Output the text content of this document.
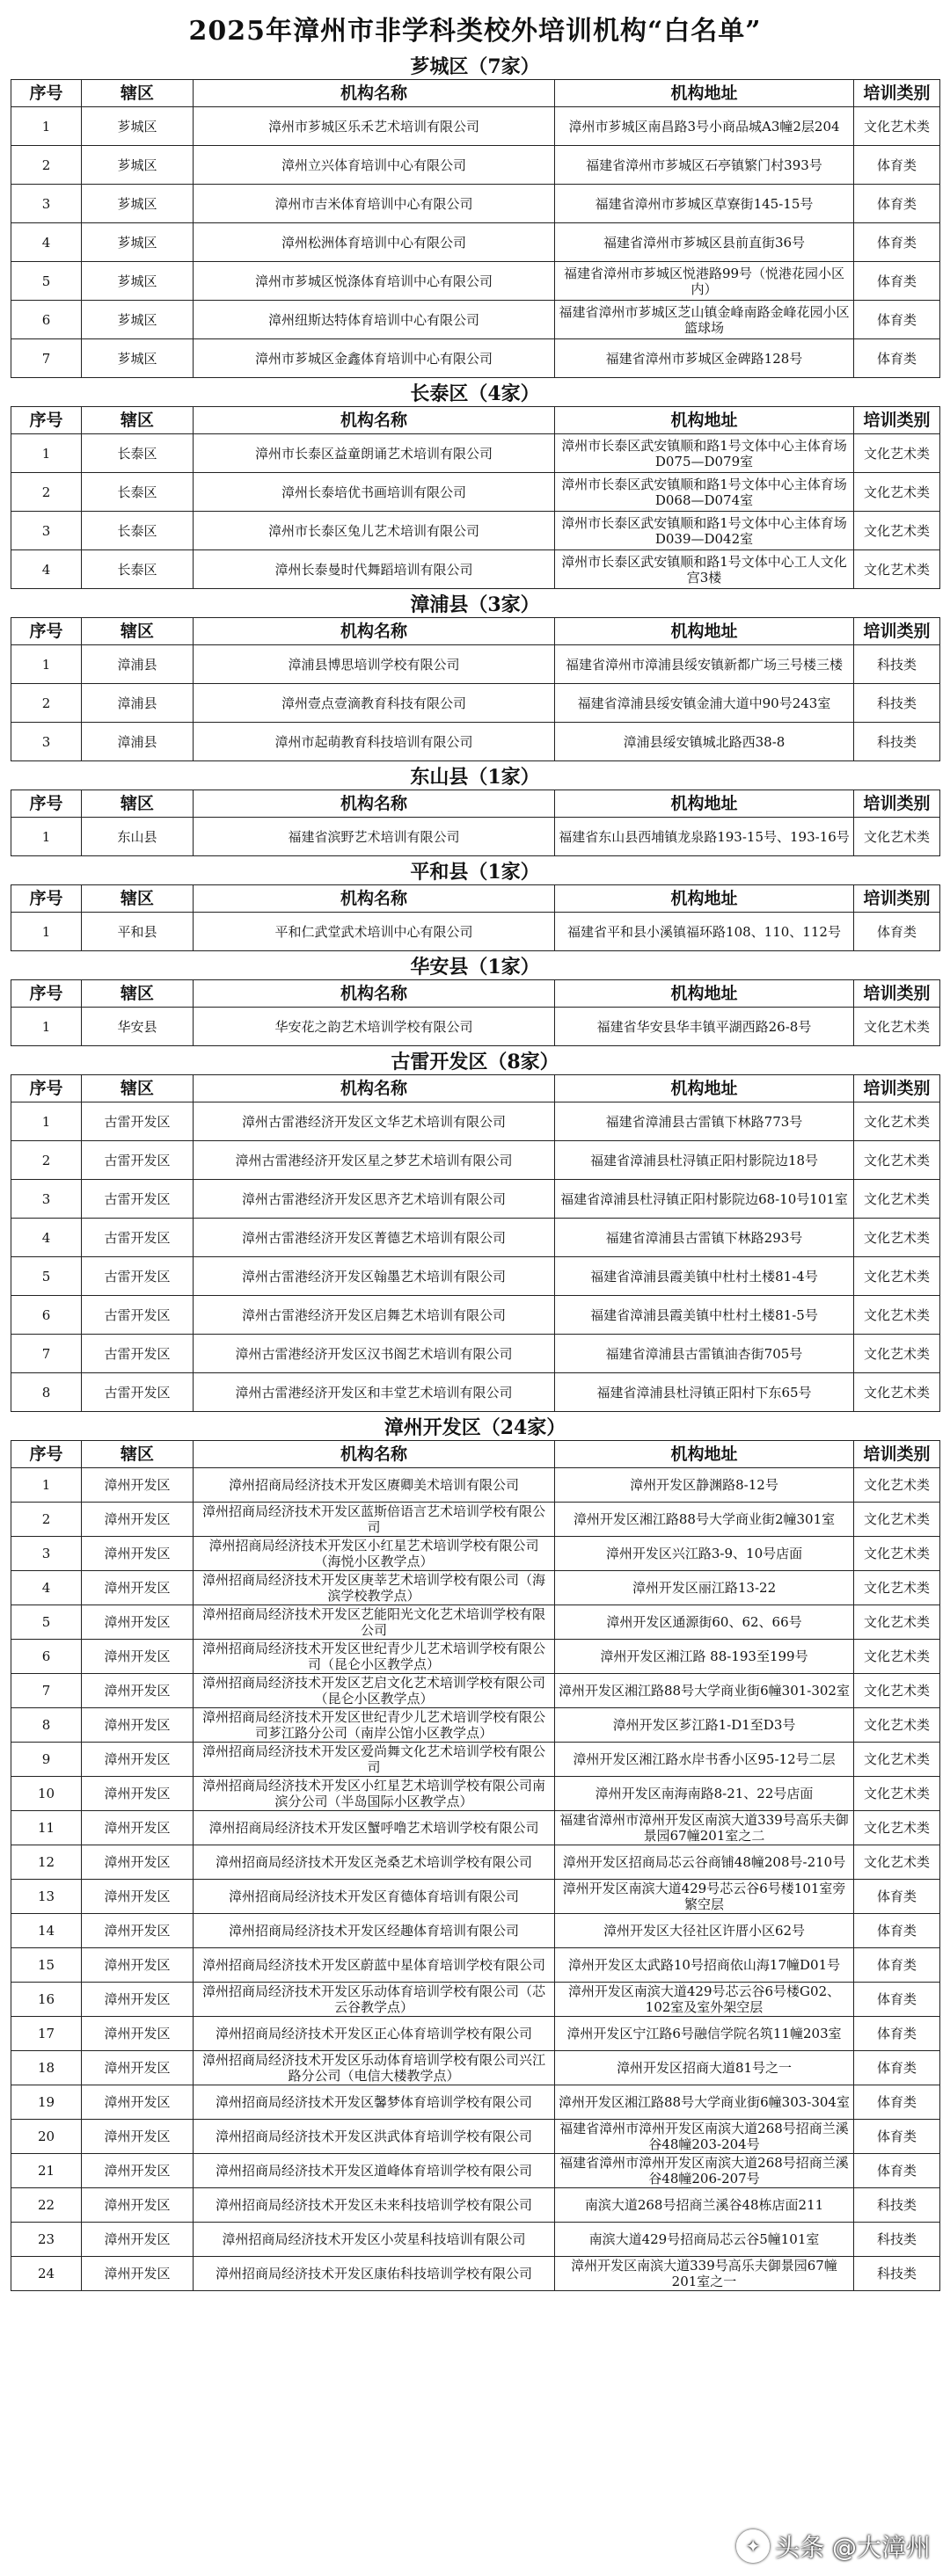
2025年漳州市非学科类校外培训机构“白名单”
芗城区（7家）
序号	辖区	机构名称	机构地址	培训类别
1	芗城区	漳州市芗城区乐禾艺术培训有限公司	漳州市芗城区南昌路3号小商品城A3幢2层204	文化艺术类
2	芗城区	漳州立兴体育培训中心有限公司	福建省漳州市芗城区石亭镇繁门村393号	体育类
3	芗城区	漳州市吉米体育培训中心有限公司	福建省漳州市芗城区草寮街145-15号	体育类
4	芗城区	漳州松洲体育培训中心有限公司	福建省漳州市芗城区县前直街36号	体育类
5	芗城区	漳州市芗城区悦涤体育培训中心有限公司	福建省漳州市芗城区悦港路99号（悦港花园小区内）	体育类
6	芗城区	漳州纽斯达特体育培训中心有限公司	福建省漳州市芗城区芝山镇金峰南路金峰花园小区篮球场	体育类
7	芗城区	漳州市芗城区金鑫体育培训中心有限公司	福建省漳州市芗城区金碑路128号	体育类
长泰区（4家）
序号	辖区	机构名称	机构地址	培训类别
1	长泰区	漳州市长泰区益童朗诵艺术培训有限公司	漳州市长泰区武安镇顺和路1号文体中心主体育场D075—D079室	文化艺术类
2	长泰区	漳州长泰培优书画培训有限公司	漳州市长泰区武安镇顺和路1号文体中心主体育场D068—D074室	文化艺术类
3	长泰区	漳州市长泰区兔儿艺术培训有限公司	漳州市长泰区武安镇顺和路1号文体中心主体育场D039—D042室	文化艺术类
4	长泰区	漳州长泰曼时代舞蹈培训有限公司	漳州市长泰区武安镇顺和路1号文体中心工人文化宫3楼	文化艺术类
漳浦县（3家）
序号	辖区	机构名称	机构地址	培训类别
1	漳浦县	漳浦县博思培训学校有限公司	福建省漳州市漳浦县绥安镇新都广场三号楼三楼	科技类
2	漳浦县	漳州壹点壹滴教育科技有限公司	福建省漳浦县绥安镇金浦大道中90号243室	科技类
3	漳浦县	漳州市起萌教育科技培训有限公司	漳浦县绥安镇城北路西38-8	科技类
东山县（1家）
序号	辖区	机构名称	机构地址	培训类别
1	东山县	福建省滨野艺术培训有限公司	福建省东山县西埔镇龙泉路193-15号、193-16号	文化艺术类
平和县（1家）
序号	辖区	机构名称	机构地址	培训类别
1	平和县	平和仁武堂武术培训中心有限公司	福建省平和县小溪镇福环路108、110、112号	体育类
华安县（1家）
序号	辖区	机构名称	机构地址	培训类别
1	华安县	华安花之韵艺术培训学校有限公司	福建省华安县华丰镇平湖西路26-8号	文化艺术类
古雷开发区（8家）
序号	辖区	机构名称	机构地址	培训类别
1	古雷开发区	漳州古雷港经济开发区文华艺术培训有限公司	福建省漳浦县古雷镇下林路773号	文化艺术类
2	古雷开发区	漳州古雷港经济开发区星之梦艺术培训有限公司	福建省漳浦县杜浔镇正阳村影院边18号	文化艺术类
3	古雷开发区	漳州古雷港经济开发区思齐艺术培训有限公司	福建省漳浦县杜浔镇正阳村影院边68-10号101室	文化艺术类
4	古雷开发区	漳州古雷港经济开发区菁德艺术培训有限公司	福建省漳浦县古雷镇下林路293号	文化艺术类
5	古雷开发区	漳州古雷港经济开发区翰墨艺术培训有限公司	福建省漳浦县霞美镇中杜村土楼81-4号	文化艺术类
6	古雷开发区	漳州古雷港经济开发区启舞艺术培训有限公司	福建省漳浦县霞美镇中杜村土楼81-5号	文化艺术类
7	古雷开发区	漳州古雷港经济开发区汉书阁艺术培训有限公司	福建省漳浦县古雷镇油杏街705号	文化艺术类
8	古雷开发区	漳州古雷港经济开发区和丰堂艺术培训有限公司	福建省漳浦县杜浔镇正阳村下东65号	文化艺术类
漳州开发区（24家）
序号	辖区	机构名称	机构地址	培训类别
1	漳州开发区	漳州招商局经济技术开发区赓卿美术培训有限公司	漳州开发区静渊路8-12号	文化艺术类
2	漳州开发区	漳州招商局经济技术开发区蓝斯倍语言艺术培训学校有限公司	漳州开发区湘江路88号大学商业街2幢301室	文化艺术类
3	漳州开发区	漳州招商局经济技术开发区小红星艺术培训学校有限公司（海悦小区教学点）	漳州开发区兴江路3-9、10号店面	文化艺术类
4	漳州开发区	漳州招商局经济技术开发区庚莘艺术培训学校有限公司（海滨学校教学点）	漳州开发区丽江路13-22	文化艺术类
5	漳州开发区	漳州招商局经济技术开发区艺能阳光文化艺术培训学校有限公司	漳州开发区通源街60、62、66号	文化艺术类
6	漳州开发区	漳州招商局经济技术开发区世纪青少儿艺术培训学校有限公司（昆仑小区教学点）	漳州开发区湘江路 88-193至199号	文化艺术类
7	漳州开发区	漳州招商局经济技术开发区艺启文化艺术培训学校有限公司（昆仑小区教学点）	漳州开发区湘江路88号大学商业街6幢301-302室	文化艺术类
8	漳州开发区	漳州招商局经济技术开发区世纪青少儿艺术培训学校有限公司芗江路分公司（南岸公馆小区教学点）	漳州开发区芗江路1-D1至D3号	文化艺术类
9	漳州开发区	漳州招商局经济技术开发区爱尚舞文化艺术培训学校有限公司	漳州开发区湘江路水岸书香小区95-12号二层	文化艺术类
10	漳州开发区	漳州招商局经济技术开发区小红星艺术培训学校有限公司南滨分公司（半岛国际小区教学点）	漳州开发区南海南路8-21、22号店面	文化艺术类
11	漳州开发区	漳州招商局经济技术开发区蟹呼噜艺术培训学校有限公司	福建省漳州市漳州开发区南滨大道339号高乐夫御景园67幢201室之二	文化艺术类
12	漳州开发区	漳州招商局经济技术开发区尧桑艺术培训学校有限公司	漳州开发区招商局芯云谷商铺48幢208号-210号	文化艺术类
13	漳州开发区	漳州招商局经济技术开发区育德体育培训有限公司	漳州开发区南滨大道429号芯云谷6号楼101室旁繁空层	体育类
14	漳州开发区	漳州招商局经济技术开发区经趣体育培训有限公司	漳州开发区大径社区许厝小区62号	体育类
15	漳州开发区	漳州招商局经济技术开发区蔚蓝中星体育培训学校有限公司	漳州开发区太武路10号招商依山海17幢D01号	体育类
16	漳州开发区	漳州招商局经济技术开发区乐动体育培训学校有限公司（芯云谷教学点）	漳州开发区南滨大道429号芯云谷6号楼G02、102室及室外架空层	体育类
17	漳州开发区	漳州招商局经济技术开发区正心体育培训学校有限公司	漳州开发区宁江路6号融信学院名筑11幢203室	体育类
18	漳州开发区	漳州招商局经济技术开发区乐动体育培训学校有限公司兴江路分公司（电信大楼教学点）	漳州开发区招商大道81号之一	体育类
19	漳州开发区	漳州招商局经济技术开发区馨梦体育培训学校有限公司	漳州开发区湘江路88号大学商业街6幢303-304室	体育类
20	漳州开发区	漳州招商局经济技术开发区洪武体育培训学校有限公司	福建省漳州市漳州开发区南滨大道268号招商兰溪谷48幢203-204号	体育类
21	漳州开发区	漳州招商局经济技术开发区道峰体育培训学校有限公司	福建省漳州市漳州开发区南滨大道268号招商兰溪谷48幢206-207号	体育类
22	漳州开发区	漳州招商局经济技术开发区未来科技培训学校有限公司	南滨大道268号招商兰溪谷48栋店面211	科技类
23	漳州开发区	漳州招商局经济技术开发区小荧星科技培训有限公司	南滨大道429号招商局芯云谷5幢101室	科技类
24	漳州开发区	漳州招商局经济技术开发区康佑科技培训学校有限公司	漳州开发区南滨大道339号高乐夫御景园67幢201室之一	科技类
✦ 头条 @大漳州
